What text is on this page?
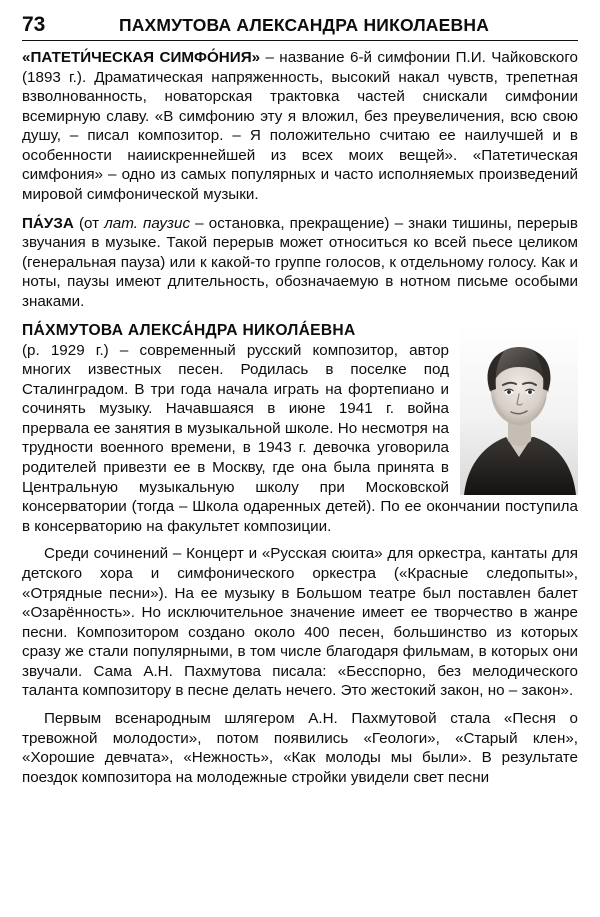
73	ПАХМУТОВА АЛЕКСАНДРА НИКОЛАЕВНА

«ПАТЕТИ́ЧЕСКАЯ СИМФО́НИЯ» – название 6-й симфонии П.И. Чайковского (1893 г.). Драматическая напряженность, высокий накал чувств, трепетная взволнованность, новаторская трактовка частей снискали симфонии всемирную славу. «В симфонию эту я вложил, без преувеличения, всю свою душу, – писал композитор. – Я положительно считаю ее наилучшей и в особенности наиискреннейшей из всех моих вещей». «Патетическая симфония» – одно из самых популярных и часто исполняемых произведений мировой симфонической музыки.

ПА́УЗА (от лат. паузис – остановка, прекращение) – знаки тишины, перерыв звучания в музыке. Такой перерыв может относиться ко всей пьесе целиком (генеральная пауза) или к какой-то группе голосов, к отдельному голосу. Как и ноты, паузы имеют длительность, обозначаемую в нотном письме особыми знаками.

ПА́ХМУТОВА АЛЕКСА́НДРА НИКОЛА́ЕВНА
(р. 1929 г.) – современный русский композитор, автор многих известных песен. Родилась в поселке под Сталинградом. В три года начала играть на фортепиано и сочинять музыку. Начавшаяся в июне 1941 г. война прервала ее занятия в музыкальной школе. Но несмотря на трудности военного времени, в 1943 г. девочка уговорила родителей привезти ее в Москву, где она была принята в Центральную музыкальную школу при Московской консерватории (тогда – Школа одаренных детей). По ее окончании поступила в консерваторию на факультет композиции.

Среди сочинений – Концерт и «Русская сюита» для оркестра, кантаты для детского хора и симфонического оркестра («Красные следопыты», «Отрядные песни»). На ее музыку в Большом театре был поставлен балет «Озарённость». Но исключительное значение имеет ее творчество в жанре песни. Композитором создано около 400 песен, большинство из которых сразу же стали популярными, в том числе благодаря фильмам, в которых они звучали. Сама А.Н. Пахмутова писала: «Бесспорно, без мелодического таланта композитору в песне делать нечего. Это жестокий закон, но – закон».

Первым всенародным шлягером А.Н. Пахмутовой стала «Песня о тревожной молодости», потом появились «Геологи», «Старый клен», «Хорошие девчата», «Нежность», «Как молоды мы были». В результате поездок композитора на молодежные стройки увидели свет песни
